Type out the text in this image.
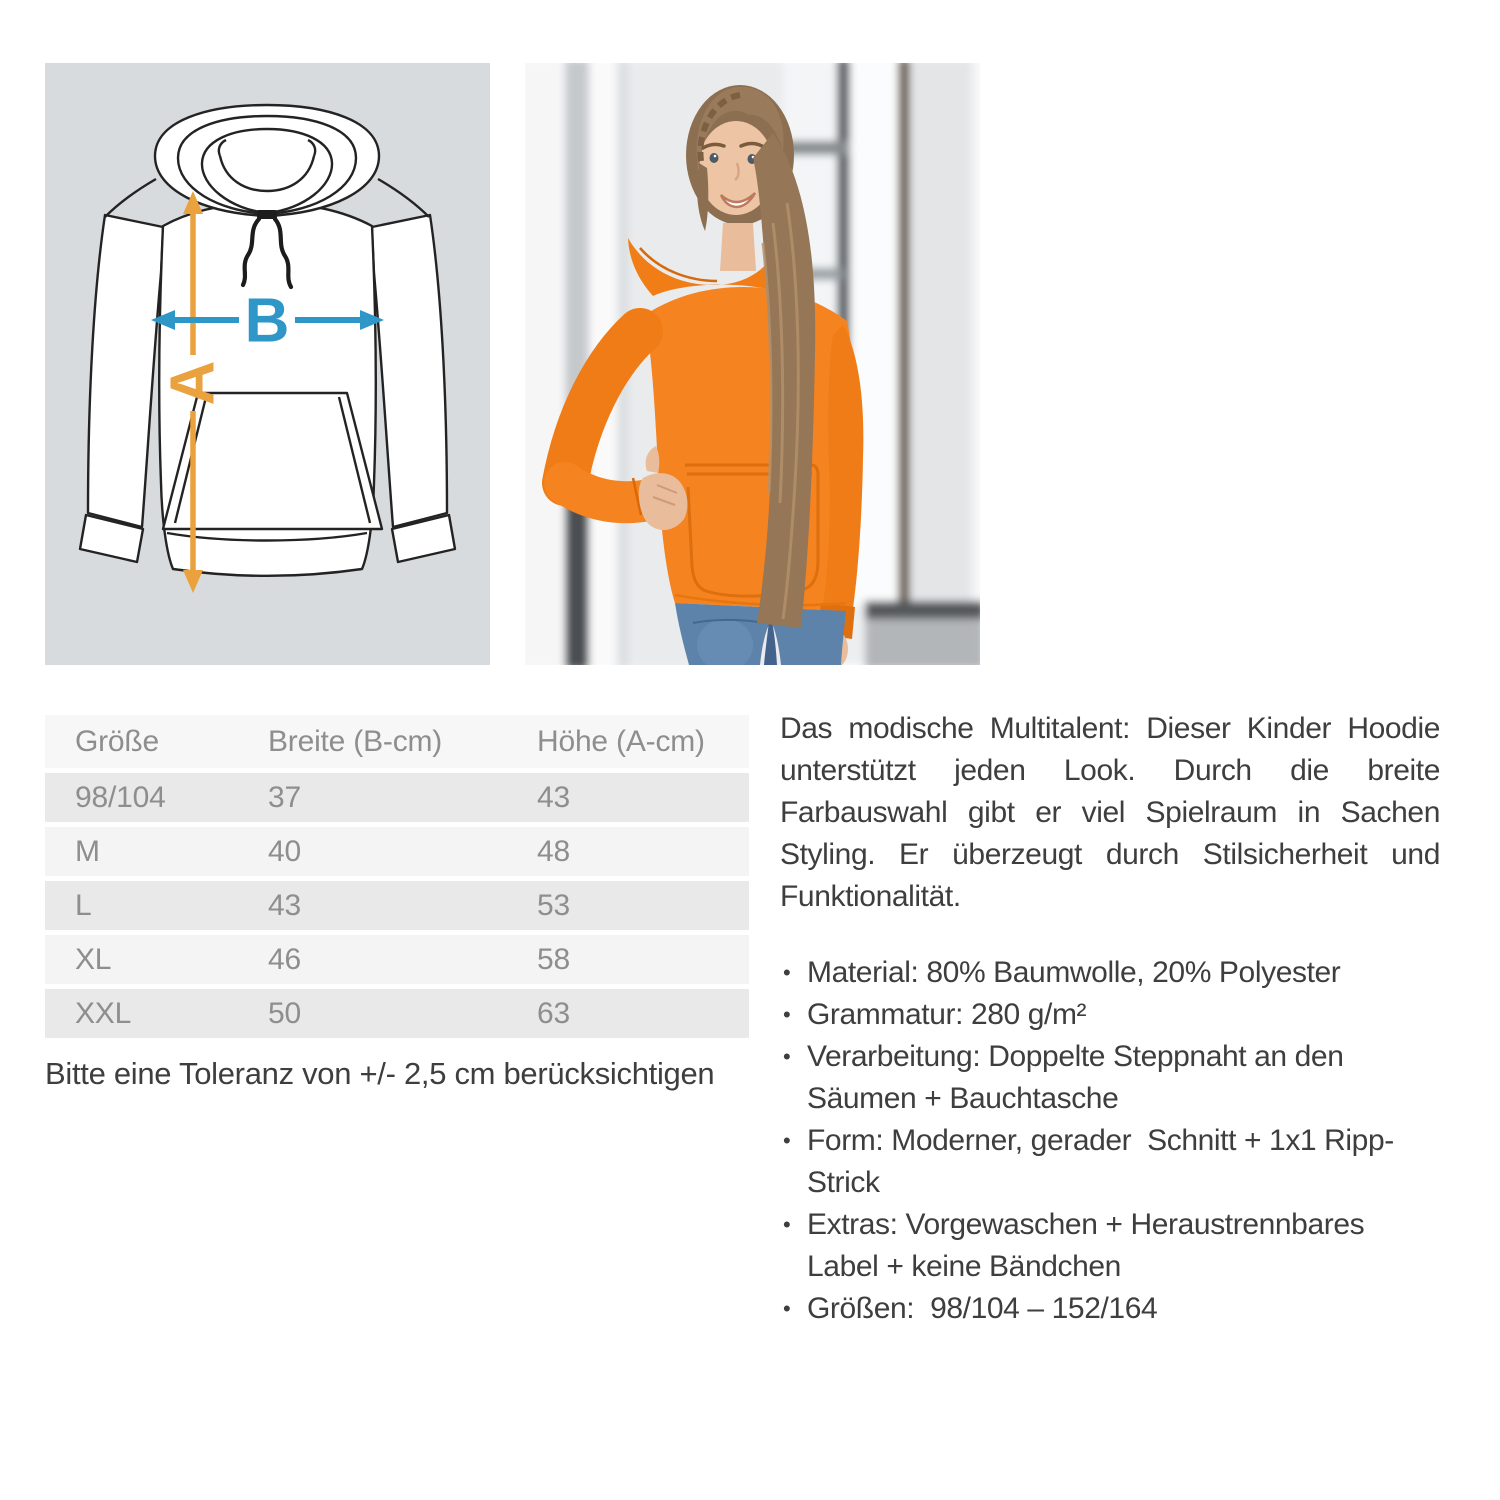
A
B
Größe	Breite (B-cm)	Höhe (A-cm)
98/104	37	43
M	40	48
L	43	53
XL	46	58
XXL	50	63
Bitte eine Toleranz von +/- 2,5 cm berücksichtigen

Das modische Multitalent: Dieser Kinder Hoodie unterstützt jeden Look. Durch die breite Farbauswahl gibt er viel Spielraum in Sachen Styling. Er überzeugt durch Stilsicherheit und Funktionalität.

• Material: 80% Baumwolle, 20% Polyester
• Grammatur: 280 g/m²
• Verarbeitung: Doppelte Steppnaht an den Säumen + Bauchtasche
• Form: Moderner, gerader  Schnitt + 1x1 Ripp-Strick
• Extras: Vorgewaschen + Heraustrennbares Label + keine Bändchen
• Größen:  98/104 – 152/164
